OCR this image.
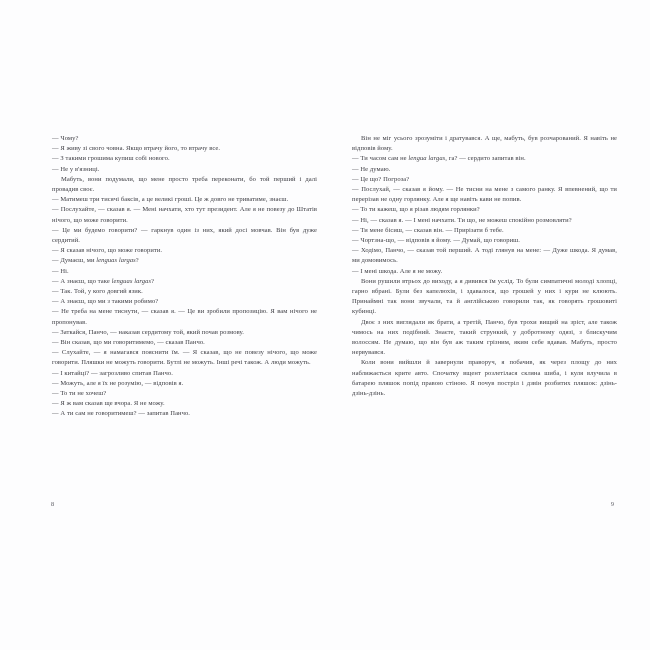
— Чому?

— Я живу зі свого човна. Якщо втрачу його, то втрачу все.

— З такими грошима купиш собі нового.

— Не у в'язниці.

Мабуть, вони подумали, що мене просто треба переконати, бо той перший і далі провадив своє.

— Матимеш три тисячі баксів, а це великі гроші. Це ж довго не триватиме, знаєш.

— Послухайте, — сказав я. — Мені начхати, хто тут президент. Але я не повезу до Штатів нічого, що може говорити.

— Це ми будемо говорити? — гаркнув один із них, який досі мовчав. Він був дуже сердитий.

— Я сказав нічого, що може говорити.

— Думаєш, ми lenguas largas?

— Ні.

— А знаєш, що таке lenguas largas?

— Так. Той, у кого довгий язик.

— А знаєш, що ми з такими робимо?

— Не треба на мене тиснути, — сказав я. — Це ви зробили пропозицію. Я вам нічого не пропонував.

— Заткайся, Панчо, — наказав сердитому той, який почав розмову.

— Він сказав, що ми говоритимемо, — сказав Панчо.

— Слухайте, — я намагався пояснити їм. — Я сказав, що не повезу нічого, що може говорити. Пляшки не можуть говорити. Бутлі не можуть. Інші речі також. А люди можуть.

— І китайці? — загрозливо спитав Панчо.

— Можуть, але я їх не розумію, — відповів я.

— То ти не хочеш?

— Я ж вам сказав ще вчора. Я не можу.

— А ти сам не говоритимеш? — запитав Панчо.

8

Він не міг усього зрозуміти і дратувався. А ще, мабуть, був розчарований. Я навіть не відповів йому.

— Ти часом сам не lengua largas, га? — сердито запитав він.

— Не думаю.

— Це що? Погроза?

— Послухай, — сказав я йому. — Не тисни на мене з самого ранку. Я впевнений, що ти перерізав не одну горлянку. Але я ще навіть кави не попив.

— То ти кажеш, що я різав людям горлянки?

— Ні, — сказав я. — І мені начхати. Ти що, не можеш спокійно розмовляти?

— Ти мене бісиш, — сказав він. — Прирізати б тебе.

— Чортзна-що, — відповів я йому. — Думай, що говориш.

— Ходімо, Панчо, — сказав той перший. А тоді глянув на мене: — Дуже шкода. Я думав, ми домовимось.

— І мені шкода. Але я не можу.

Вони рушили втрьох до виходу, а я дивився їм услід. То були симпатичні молоді хлопці, гарно вбрані. Були без капелюхів, і здавалося, що грошей у них і кури не клюють. Принаймні так вони звучали, та й англійською говорили так, як говорять грошовиті кубинці.

Двоє з них виглядали як брати, а третій, Панчо, був трохи вищий на зріст, але також чимось на них подібний. Знаєте, такий стрункий, у добротному одязі, з блискучим волоссям. Не думаю, що він був аж таким грізним, яким себе вдавав. Мабуть, просто нервувався.

Коли вони вийшли й завернули праворуч, я побачив, як через площу до них наближається крите авто. Спочатку вщент розлетілася скляна шиба, і куля влучила в батарею пляшок попід правою стіною. Я почув постріл і дзвін розбитих пляшок: дзінь-дзінь-дзінь.

9
